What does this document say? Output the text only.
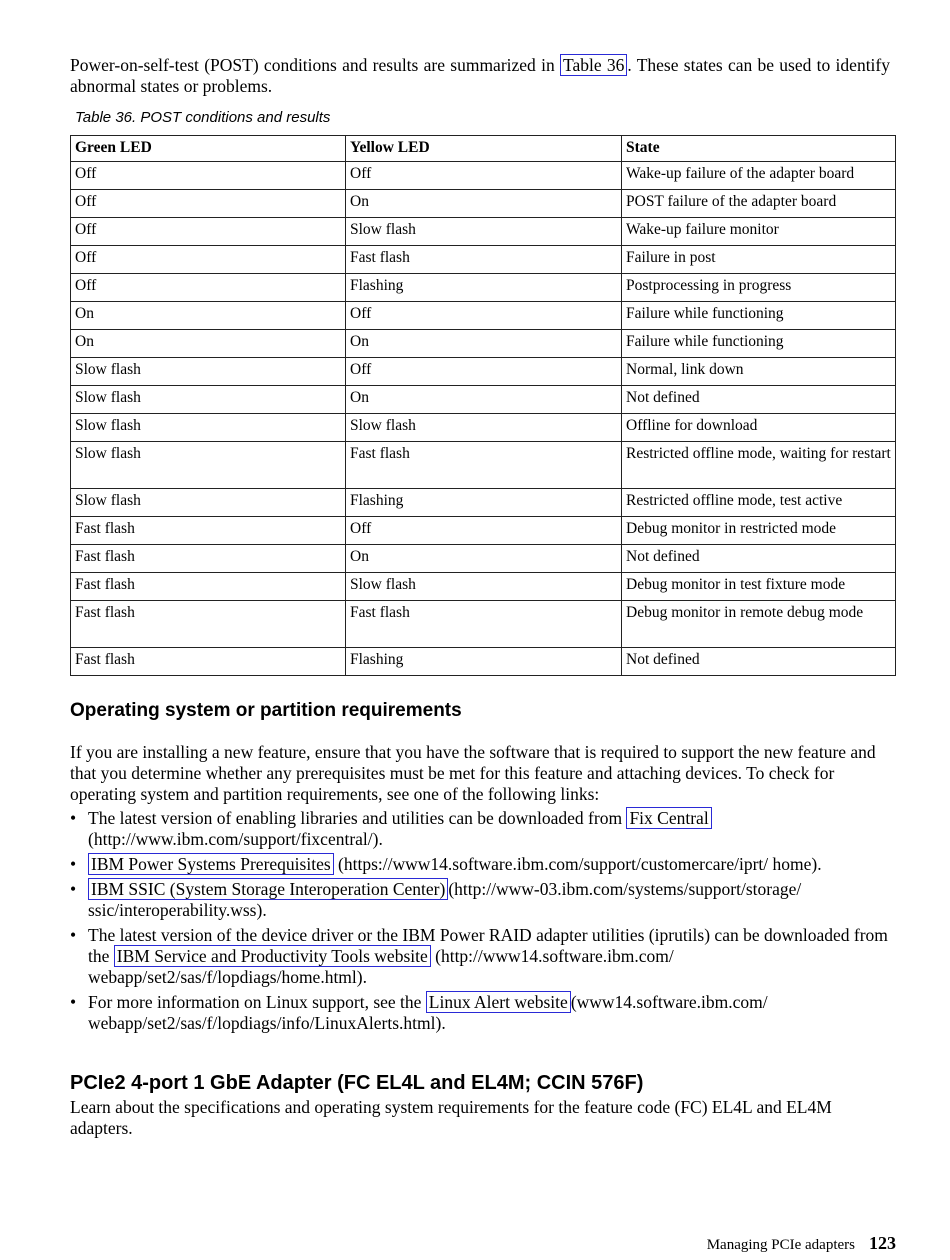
Power-on-self-test (POST) conditions and results are summarized in Table 36 . These states can be used to identify abnormal states or problems.

Table 36. POST conditions and results
Green LED	Yellow LED	State
Off	Off	Wake-up failure of the adapter board
Off	On	POST failure of the adapter board
Off	Slow flash	Wake-up failure monitor
Off	Fast flash	Failure in post
Off	Flashing	Postprocessing in progress
On	Off	Failure while functioning
On	On	Failure while functioning
Slow flash	Off	Normal, link down
Slow flash	On	Not defined
Slow flash	Slow flash	Offline for download
Slow flash	Fast flash	Restricted offline mode, waiting for restart
Slow flash	Flashing	Restricted offline mode, test active
Fast flash	Off	Debug monitor in restricted mode
Fast flash	On	Not defined
Fast flash	Slow flash	Debug monitor in test fixture mode
Fast flash	Fast flash	Debug monitor in remote debug mode
Fast flash	Flashing	Not defined
Operating system or partition requirements

If you are installing a new feature, ensure that you have the software that is required to support the new feature and that you determine whether any prerequisites must be met for this feature and attaching devices. To check for operating system and partition requirements, see one of the following links:

• The latest version of enabling libraries and utilities can be downloaded from Fix Central (http://www.ibm.com/support/fixcentral/).
• IBM Power Systems Prerequisites (https://www14.software.ibm.com/support/customercare/iprt/ home).
• IBM SSIC (System Storage Interoperation Center) (http://www-03.ibm.com/systems/support/storage/ ssic/interoperability.wss).
• The latest version of the device driver or the IBM Power RAID adapter utilities (iprutils) can be downloaded from the IBM Service and Productivity Tools website (http://www14.software.ibm.com/ webapp/set2/sas/f/lopdiags/home.html).
• For more information on Linux support, see the Linux Alert website (www14.software.ibm.com/ webapp/set2/sas/f/lopdiags/info/LinuxAlerts.html).
PCIe2 4-port 1 GbE Adapter (FC EL4L and EL4M; CCIN 576F)

Learn about the specifications and operating system requirements for the feature code (FC) EL4L and EL4M adapters.

Managing PCIe adapters 123
